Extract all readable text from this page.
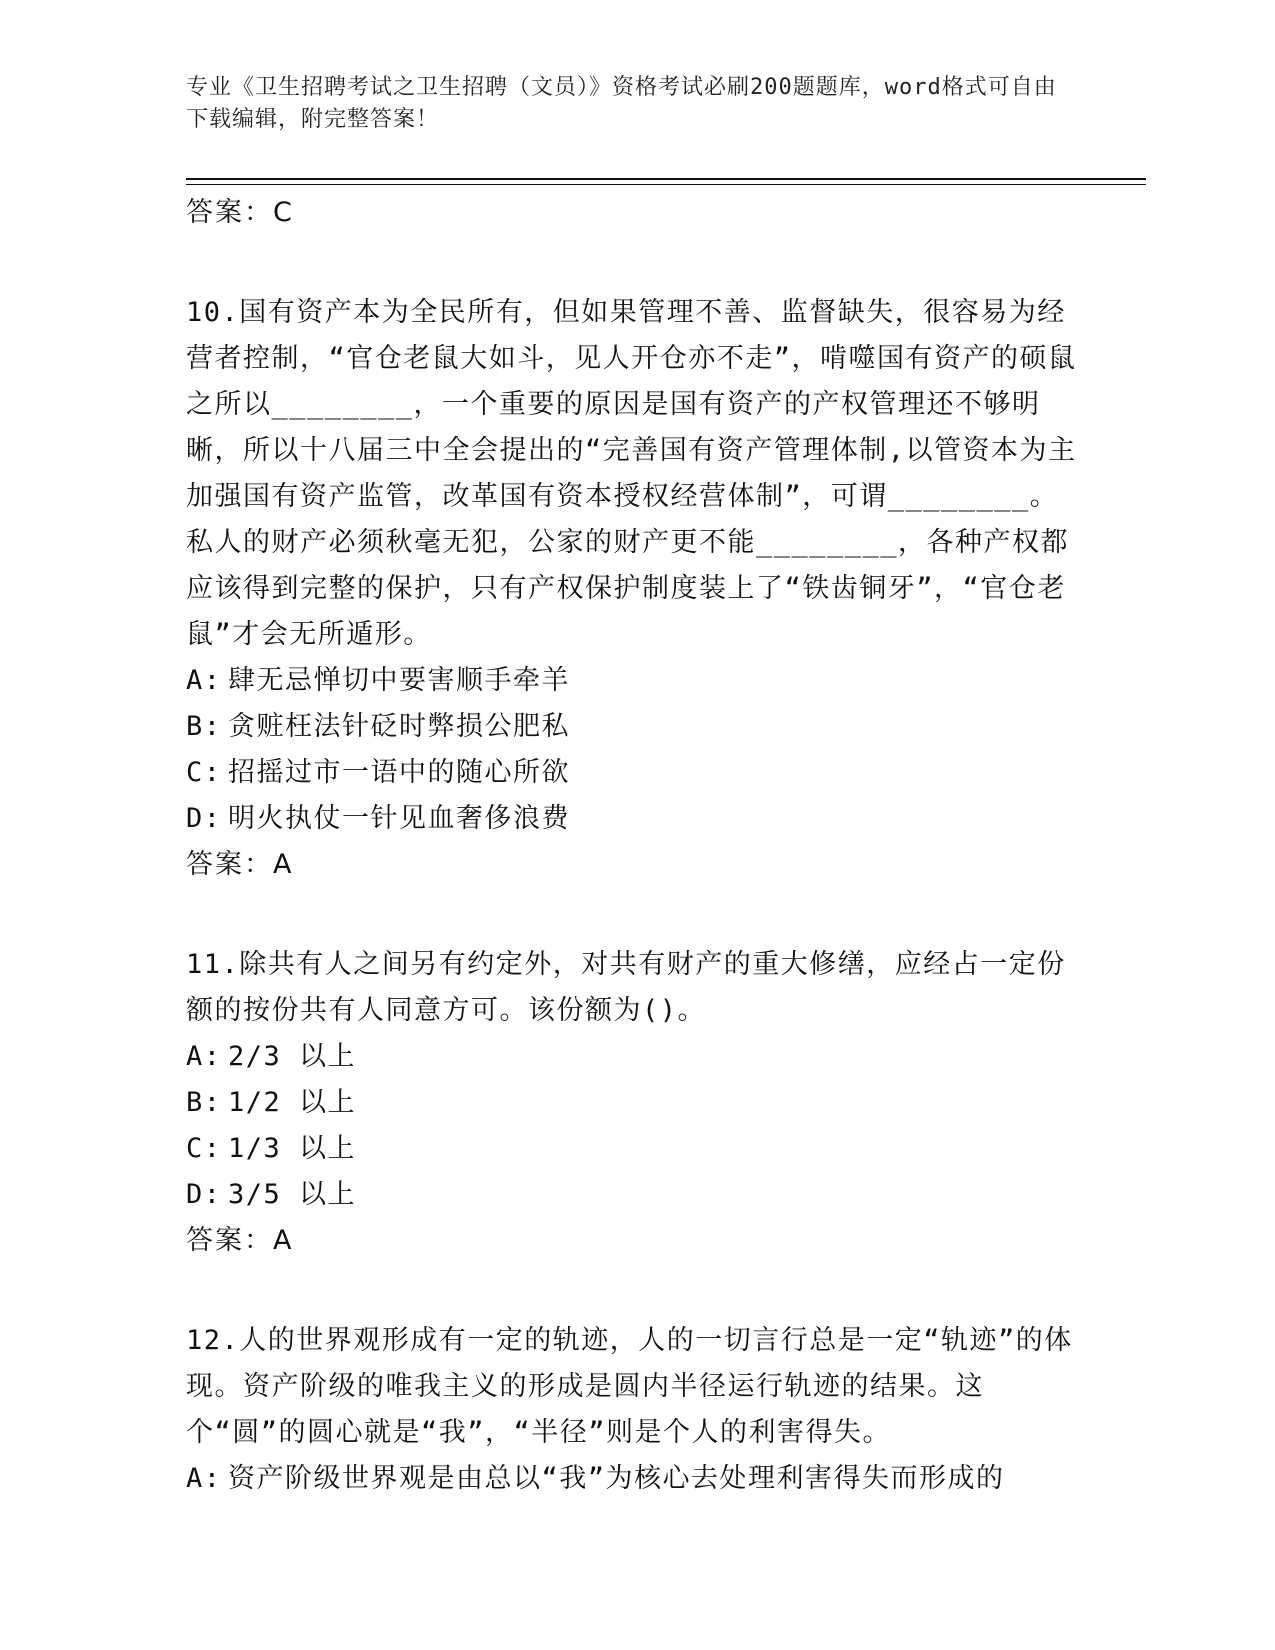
专业《卫生招聘考试之卫生招聘（文员）》资格考试必刷200题题库，word格式可自由下载编辑，附完整答案！
答案：C
10.国有资产本为全民所有，但如果管理不善、监督缺失，很容易为经营者控制，“官仓老鼠大如斗，见人开仓亦不走”，啃噬国有资产的硕鼠之所以________，一个重要的原因是国有资产的产权管理还不够明晰，所以十八届三中全会提出的“完善国有资产管理体制,以管资本为主加强国有资产监管，改革国有资本授权经营体制”，可谓________。私人的财产必须秋毫无犯，公家的财产更不能________，各种产权都应该得到完整的保护，只有产权保护制度装上了“铁齿铜牙”，“官仓老鼠”才会无所遁形。
A: 肆无忌惮切中要害顺手牵羊
B: 贪赃枉法针砭时弊损公肥私
C: 招摇过市一语中的随心所欲
D: 明火执仗一针见血奢侈浪费
答案：A
11.除共有人之间另有约定外，对共有财产的重大修缮，应经占一定份额的按份共有人同意方可。该份额为()。
A: 2/3 以上
B: 1/2 以上
C: 1/3 以上
D: 3/5 以上
答案：A
12.人的世界观形成有一定的轨迹，人的一切言行总是一定“轨迹”的体现。资产阶级的唯我主义的形成是圆内半径运行轨迹的结果。这个“圆”的圆心就是“我”，“半径”则是个人的利害得失。
A: 资产阶级世界观是由总以“我”为核心去处理利害得失而形成的
